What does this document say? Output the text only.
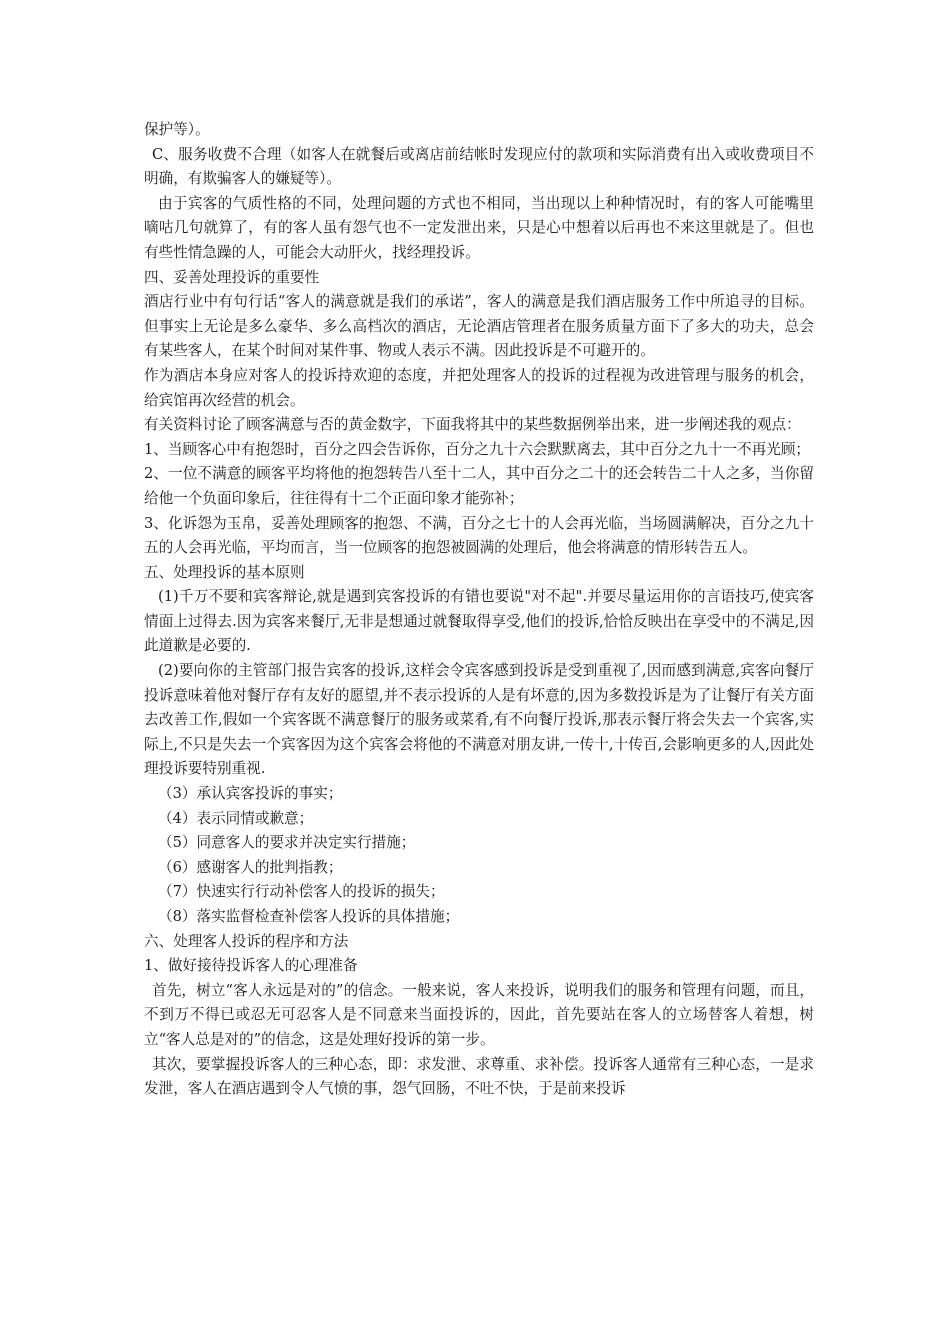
保护等）。

C、服务收费不合理（如客人在就餐后或离店前结帐时发现应付的款项和实际消费有出入或收费项目不明确，有欺骗客人的嫌疑等）。

由于宾客的气质性格的不同，处理问题的方式也不相同，当出现以上种种情况时，有的客人可能嘴里嘀咕几句就算了，有的客人虽有怨气也不一定发泄出来，只是心中想着以后再也不来这里就是了。但也有些性情急躁的人，可能会大动肝火，找经理投诉。

四、妥善处理投诉的重要性

酒店行业中有句行话“客人的满意就是我们的承诺”，客人的满意是我们酒店服务工作中所追寻的目标。但事实上无论是多么豪华、多么高档次的酒店，无论酒店管理者在服务质量方面下了多大的功夫，总会有某些客人，在某个时间对某件事、物或人表示不满。因此投诉是不可避开的。

作为酒店本身应对客人的投诉持欢迎的态度，并把处理客人的投诉的过程视为改进管理与服务的机会，给宾馆再次经营的机会。

有关资料讨论了顾客满意与否的黄金数字，下面我将其中的某些数据例举出来，进一步阐述我的观点：

1、当顾客心中有抱怨时，百分之四会告诉你，百分之九十六会默默离去，其中百分之九十一不再光顾；

2、一位不满意的顾客平均将他的抱怨转告八至十二人，其中百分之二十的还会转告二十人之多，当你留给他一个负面印象后，往往得有十二个正面印象才能弥补；

3、化诉怨为玉帛，妥善处理顾客的抱怨、不满，百分之七十的人会再光临，当场圆满解决，百分之九十五的人会再光临，平均而言，当一位顾客的抱怨被圆满的处理后，他会将满意的情形转告五人。

五、处理投诉的基本原则

(1)千万不要和宾客辩论,就是遇到宾客投诉的有错也要说"对不起".并要尽量运用你的言语技巧,使宾客情面上过得去.因为宾客来餐厅,无非是想通过就餐取得享受,他们的投诉,恰恰反映出在享受中的不满足,因此道歉是必要的.

(2)要向你的主管部门报告宾客的投诉,这样会令宾客感到投诉是受到重视了,因而感到满意,宾客向餐厅投诉意味着他对餐厅存有友好的愿望,并不表示投诉的人是有坏意的,因为多数投诉是为了让餐厅有关方面去改善工作,假如一个宾客既不满意餐厅的服务或菜肴,有不向餐厅投诉,那表示餐厅将会失去一个宾客,实际上,不只是失去一个宾客因为这个宾客会将他的不满意对朋友讲,一传十,十传百,会影响更多的人,因此处理投诉要特别重视.

（3）承认宾客投诉的事实；

（4）表示同情或歉意；

（5）同意客人的要求并决定实行措施；

（6）感谢客人的批判指教；

（7）快速实行行动补偿客人的投诉的损失；

（8）落实监督检查补偿客人投诉的具体措施；

六、处理客人投诉的程序和方法

1、做好接待投诉客人的心理准备

首先，树立“客人永远是对的”的信念。一般来说，客人来投诉，说明我们的服务和管理有问题，而且，不到万不得已或忍无可忍客人是不同意来当面投诉的，因此，首先要站在客人的立场替客人着想，树立“客人总是对的”的信念，这是处理好投诉的第一步。

其次，要掌握投诉客人的三种心态，即：求发泄、求尊重、求补偿。投诉客人通常有三种心态，一是求发泄，客人在酒店遇到令人气愤的事，怨气回肠，不吐不快，于是前来投诉
